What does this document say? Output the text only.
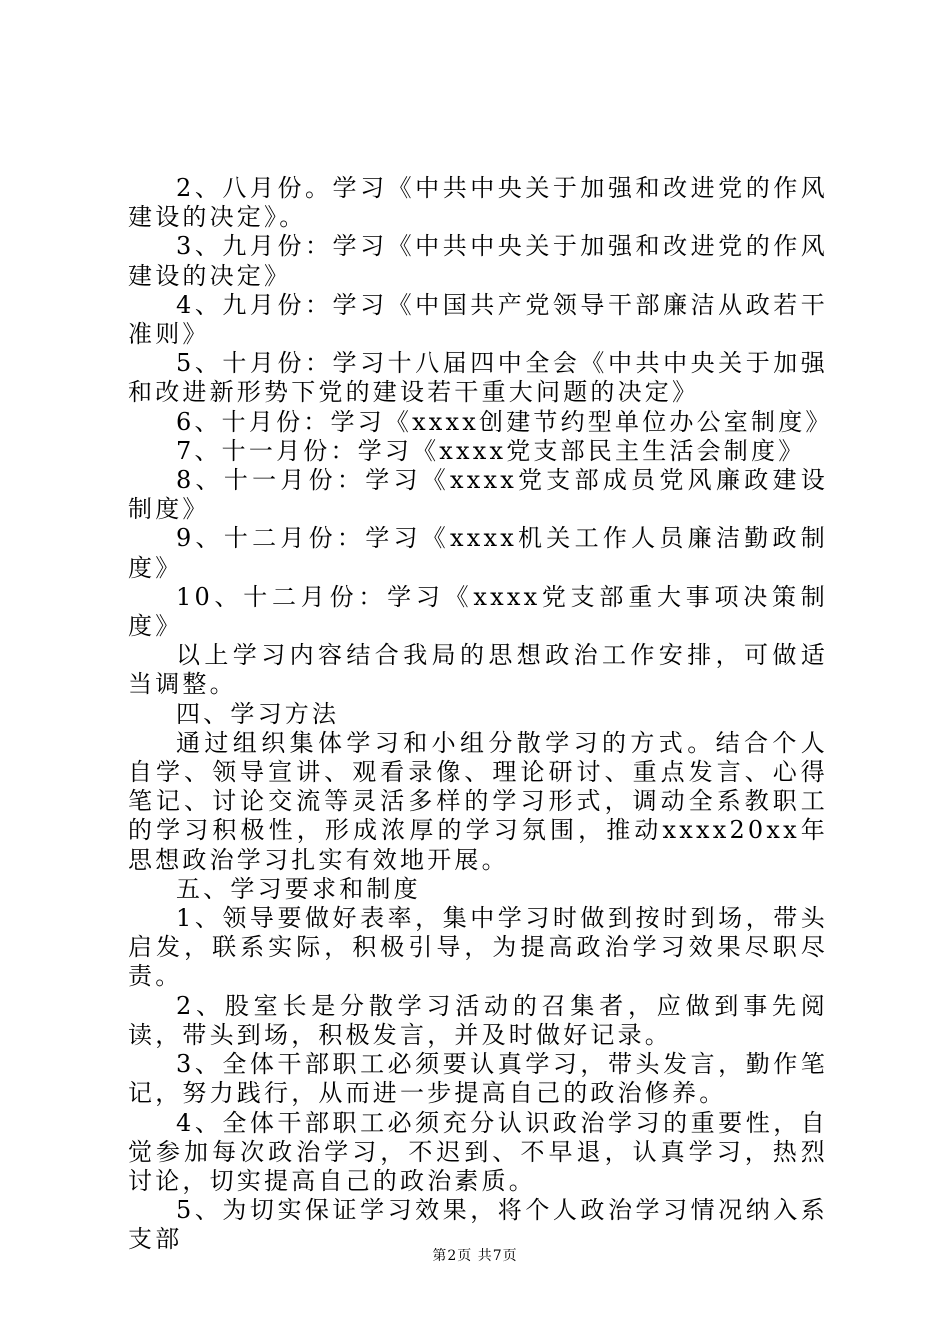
2、八月份。学习《中共中央关于加强和改进党的作风建设的决定》。

3、九月份：学习《中共中央关于加强和改进党的作风建设的决定》

4、九月份：学习《中国共产党领导干部廉洁从政若干准则》

5、十月份：学习十八届四中全会《中共中央关于加强和改进新形势下党的建设若干重大问题的决定》

6、十月份：学习《xxxx创建节约型单位办公室制度》

7、十一月份：学习《xxxx党支部民主生活会制度》

8、十一月份：学习《xxxx党支部成员党风廉政建设制度》

9、十二月份：学习《xxxx机关工作人员廉洁勤政制度》

10、十二月份：学习《xxxx党支部重大事项决策制度》

以上学习内容结合我局的思想政治工作安排，可做适当调整。

四、学习方法

通过组织集体学习和小组分散学习的方式。结合个人自学、领导宣讲、观看录像、理论研讨、重点发言、心得笔记、讨论交流等灵活多样的学习形式，调动全系教职工的学习积极性，形成浓厚的学习氛围，推动xxxx20xx年思想政治学习扎实有效地开展。

五、学习要求和制度

1、领导要做好表率，集中学习时做到按时到场，带头启发，联系实际，积极引导，为提高政治学习效果尽职尽责。

2、股室长是分散学习活动的召集者，应做到事先阅读，带头到场，积极发言，并及时做好记录。

3、全体干部职工必须要认真学习，带头发言，勤作笔记，努力践行，从而进一步提高自己的政治修养。

4、全体干部职工必须充分认识政治学习的重要性，自觉参加每次政治学习，不迟到、不早退，认真学习，热烈讨论，切实提高自己的政治素质。

5、为切实保证学习效果，将个人政治学习情况纳入系支部

第2页 共7页
